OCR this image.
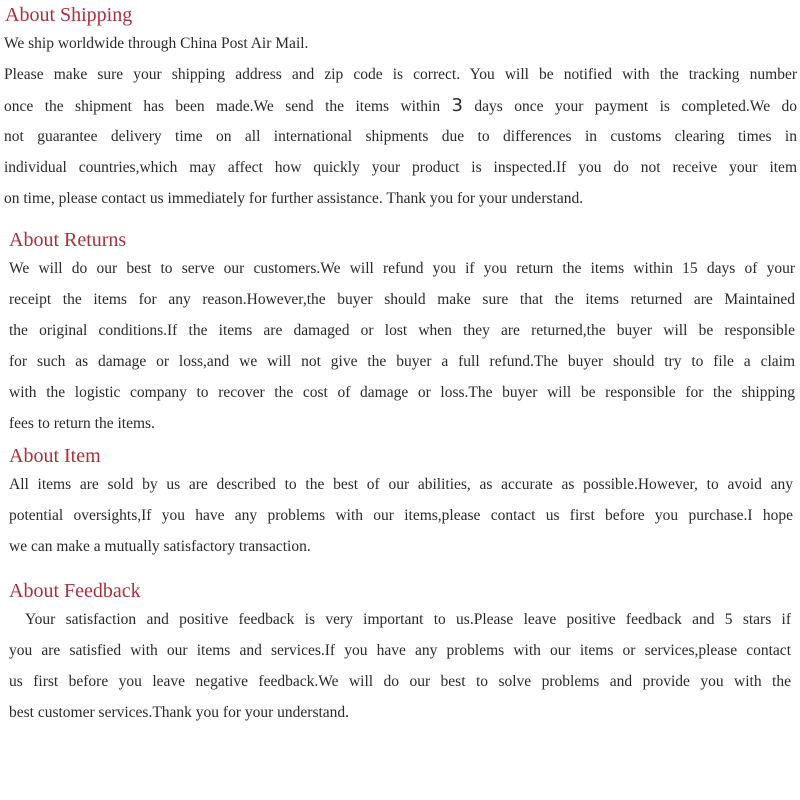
About Shipping
We ship worldwide through China Post Air Mail.
Please make sure your shipping address and zip code is correct. You will be notified with the tracking number
once the shipment has been made.We send the items within 3 days once your payment is completed.We do
not guarantee delivery time on all international shipments due to differences in customs clearing times in
individual countries,which may affect how quickly your product is inspected.If you do not receive your item
on time, please contact us immediately for further assistance. Thank you for your understand.
About Returns
We will do our best to serve our customers.We will refund you if you return the items within 15 days of your
receipt the items for any reason.However,the buyer should make sure that the items returned are Maintained
the original conditions.If the items are damaged or lost when they are returned,the buyer will be responsible
for such as damage or loss,and we will not give the buyer a full refund.The buyer should try to file a claim
with the logistic company to recover the cost of damage or loss.The buyer will be responsible for the shipping
fees to return the items.
About Item
All items are sold by us are described to the best of our abilities, as accurate as possible.However, to avoid any
potential oversights,If you have any problems with our items,please contact us first before you purchase.I hope
we can make a mutually satisfactory transaction.
About Feedback
Your satisfaction and positive feedback is very important to us.Please leave positive feedback and 5 stars if
you are satisfied with our items and services.If you have any problems with our items or services,please contact
us first before you leave negative feedback.We will do our best to solve problems and provide you with the
best customer services.Thank you for your understand.
